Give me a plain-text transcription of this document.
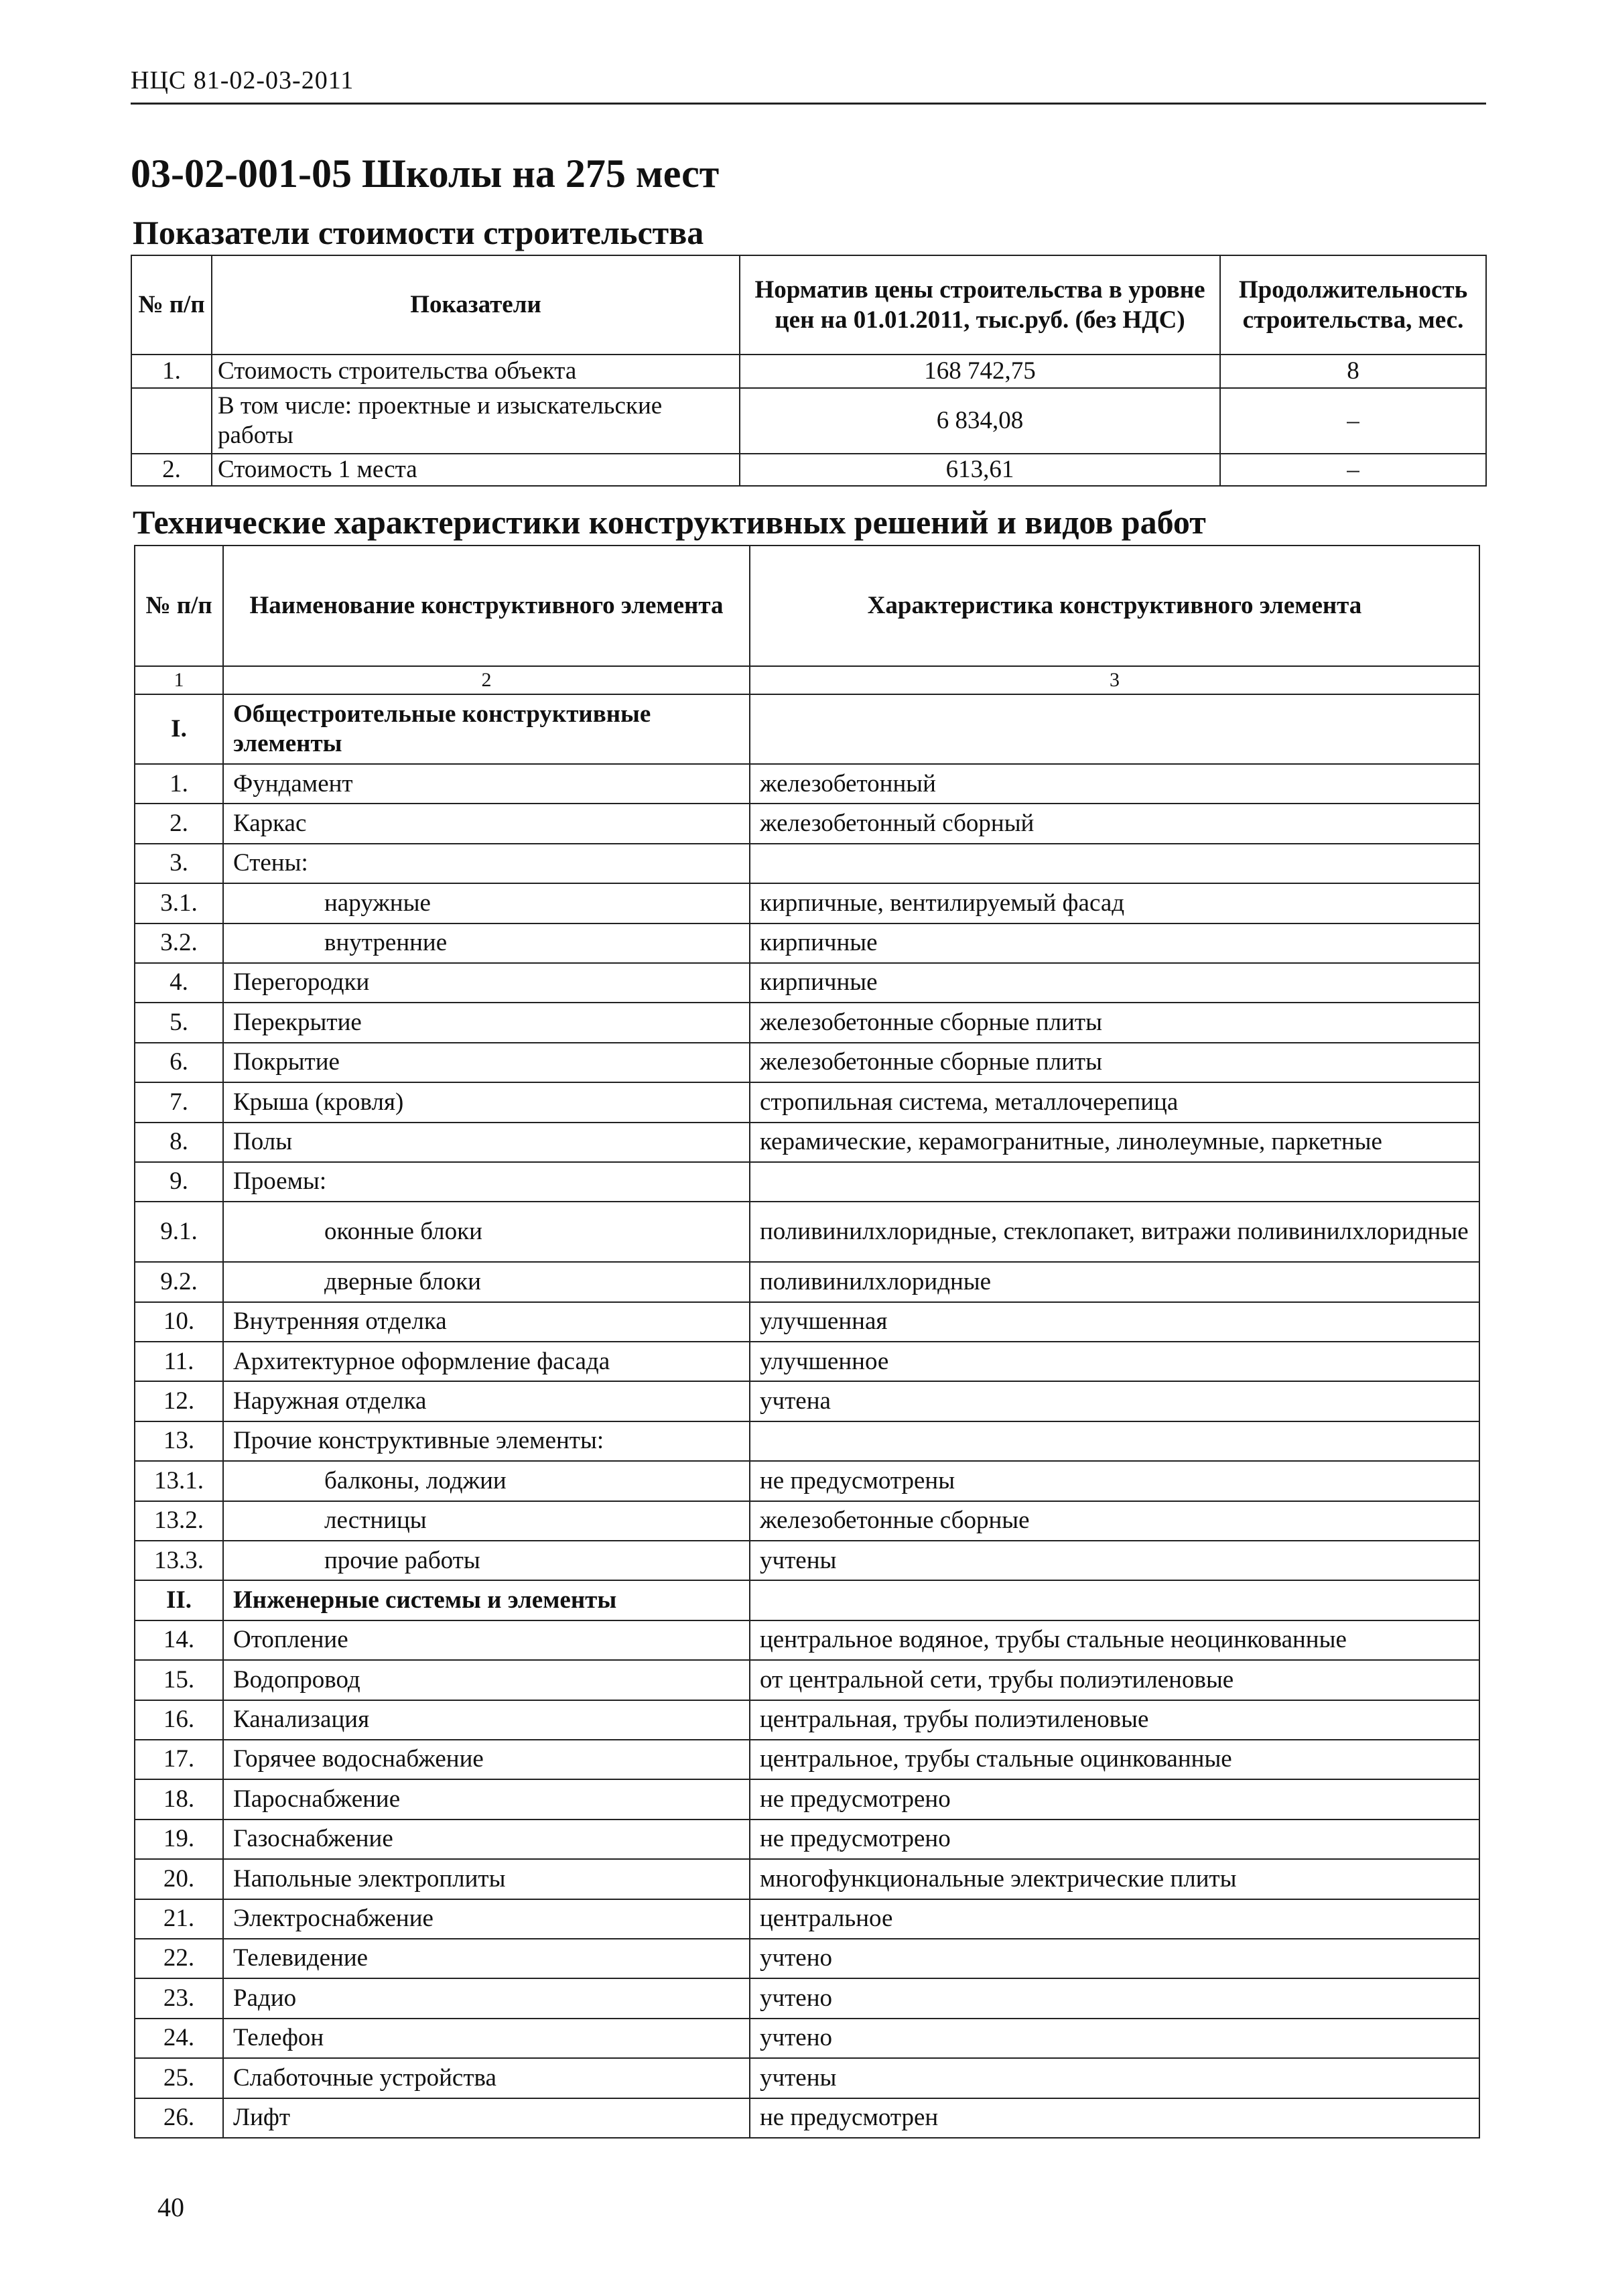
НЦС 81-02-03-2011
03-02-001-05 Школы на 275 мест
Показатели стоимости строительства
№ п/п	Показатели	Норматив цены строительства в уровне цен на 01.01.2011, тыс.руб. (без НДС)	Продолжительность строительства, мес.
1.	Стоимость строительства объекта	168 742,75	8
	В том числе: проектные и изыскательские работы	6 834,08	–
2.	Стоимость 1 места	613,61	–
Технические характеристики конструктивных решений и видов работ
№ п/п	Наименование конструктивного элемента	Характеристика конструктивного элемента
1	2	3
I.	Общестроительные конструктивные элементы	
1.	Фундамент	железобетонный
2.	Каркас	железобетонный сборный
3.	Стены:	
3.1.	наружные	кирпичные, вентилируемый фасад
3.2.	внутренние	кирпичные
4.	Перегородки	кирпичные
5.	Перекрытие	железобетонные сборные плиты
6.	Покрытие	железобетонные сборные плиты
7.	Крыша (кровля)	стропильная система, металлочерепица
8.	Полы	керамические, керамогранитные, линолеумные, паркетные
9.	Проемы:	
9.1.	оконные блоки	поливинилхлоридные, стеклопакет, витражи поливинилхлоридные
9.2.	дверные блоки	поливинилхлоридные
10.	Внутренняя отделка	улучшенная
11.	Архитектурное оформление фасада	улучшенное
12.	Наружная отделка	учтена
13.	Прочие конструктивные элементы:	
13.1.	балконы, лоджии	не предусмотрены
13.2.	лестницы	железобетонные сборные
13.3.	прочие работы	учтены
II.	Инженерные системы и элементы	
14.	Отопление	центральное водяное, трубы стальные неоцинкованные
15.	Водопровод	от центральной сети, трубы полиэтиленовые
16.	Канализация	центральная, трубы полиэтиленовые
17.	Горячее водоснабжение	центральное, трубы стальные оцинкованные
18.	Пароснабжение	не предусмотрено
19.	Газоснабжение	не предусмотрено
20.	Напольные электроплиты	многофункциональные электрические плиты
21.	Электроснабжение	центральное
22.	Телевидение	учтено
23.	Радио	учтено
24.	Телефон	учтено
25.	Слаботочные устройства	учтены
26.	Лифт	не предусмотрен
40
